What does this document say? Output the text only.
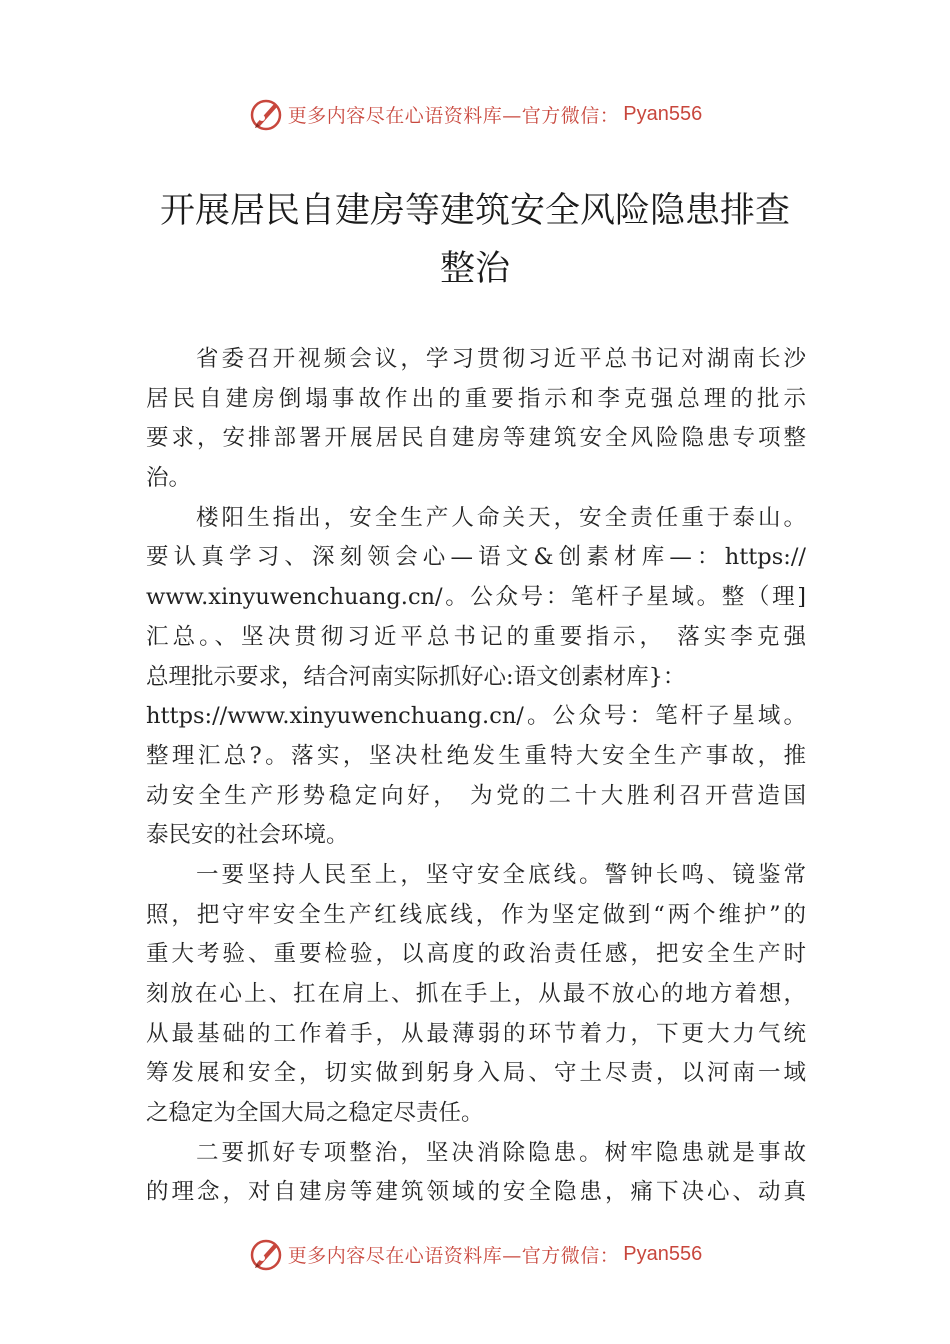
更多内容尽在心语资料库—官方微信： Pyan556
开展居民自建房等建筑安全风险隐患排查
整治
省委召开视频会议，学习贯彻习近平总书记对湖南长沙
居民自建房倒塌事故作出的重要指示和李克强总理的批示
要求，安排部署开展居民自建房等建筑安全风险隐患专项整
治。
楼阳生指出，安全生产人命关天，安全责任重于泰山。
要认真学习、深刻领会心—语文&创素材库—：https://
www.xinyuwenchuang.cn/。公众号：笔杆子星域。整（理]
汇总。、坚决贯彻习近平总书记的重要指示， 落实李克强
总理批示要求，结合河南实际抓好心:语文创素材库}：
https://www.xinyuwenchuang.cn/。公众号：笔杆子星域。
整理汇总?。落实，坚决杜绝发生重特大安全生产事故，推
动安全生产形势稳定向好， 为党的二十大胜利召开营造国
泰民安的社会环境。
一要坚持人民至上，坚守安全底线。警钟长鸣、镜鉴常
照，把守牢安全生产红线底线，作为坚定做到“两个维护”的
重大考验、重要检验，以高度的政治责任感，把安全生产时
刻放在心上、扛在肩上、抓在手上，从最不放心的地方着想，
从最基础的工作着手，从最薄弱的环节着力，下更大力气统
筹发展和安全，切实做到躬身入局、守土尽责，以河南一域
之稳定为全国大局之稳定尽责任。
二要抓好专项整治，坚决消除隐患。树牢隐患就是事故
的理念，对自建房等建筑领域的安全隐患，痛下决心、动真
更多内容尽在心语资料库—官方微信： Pyan556
